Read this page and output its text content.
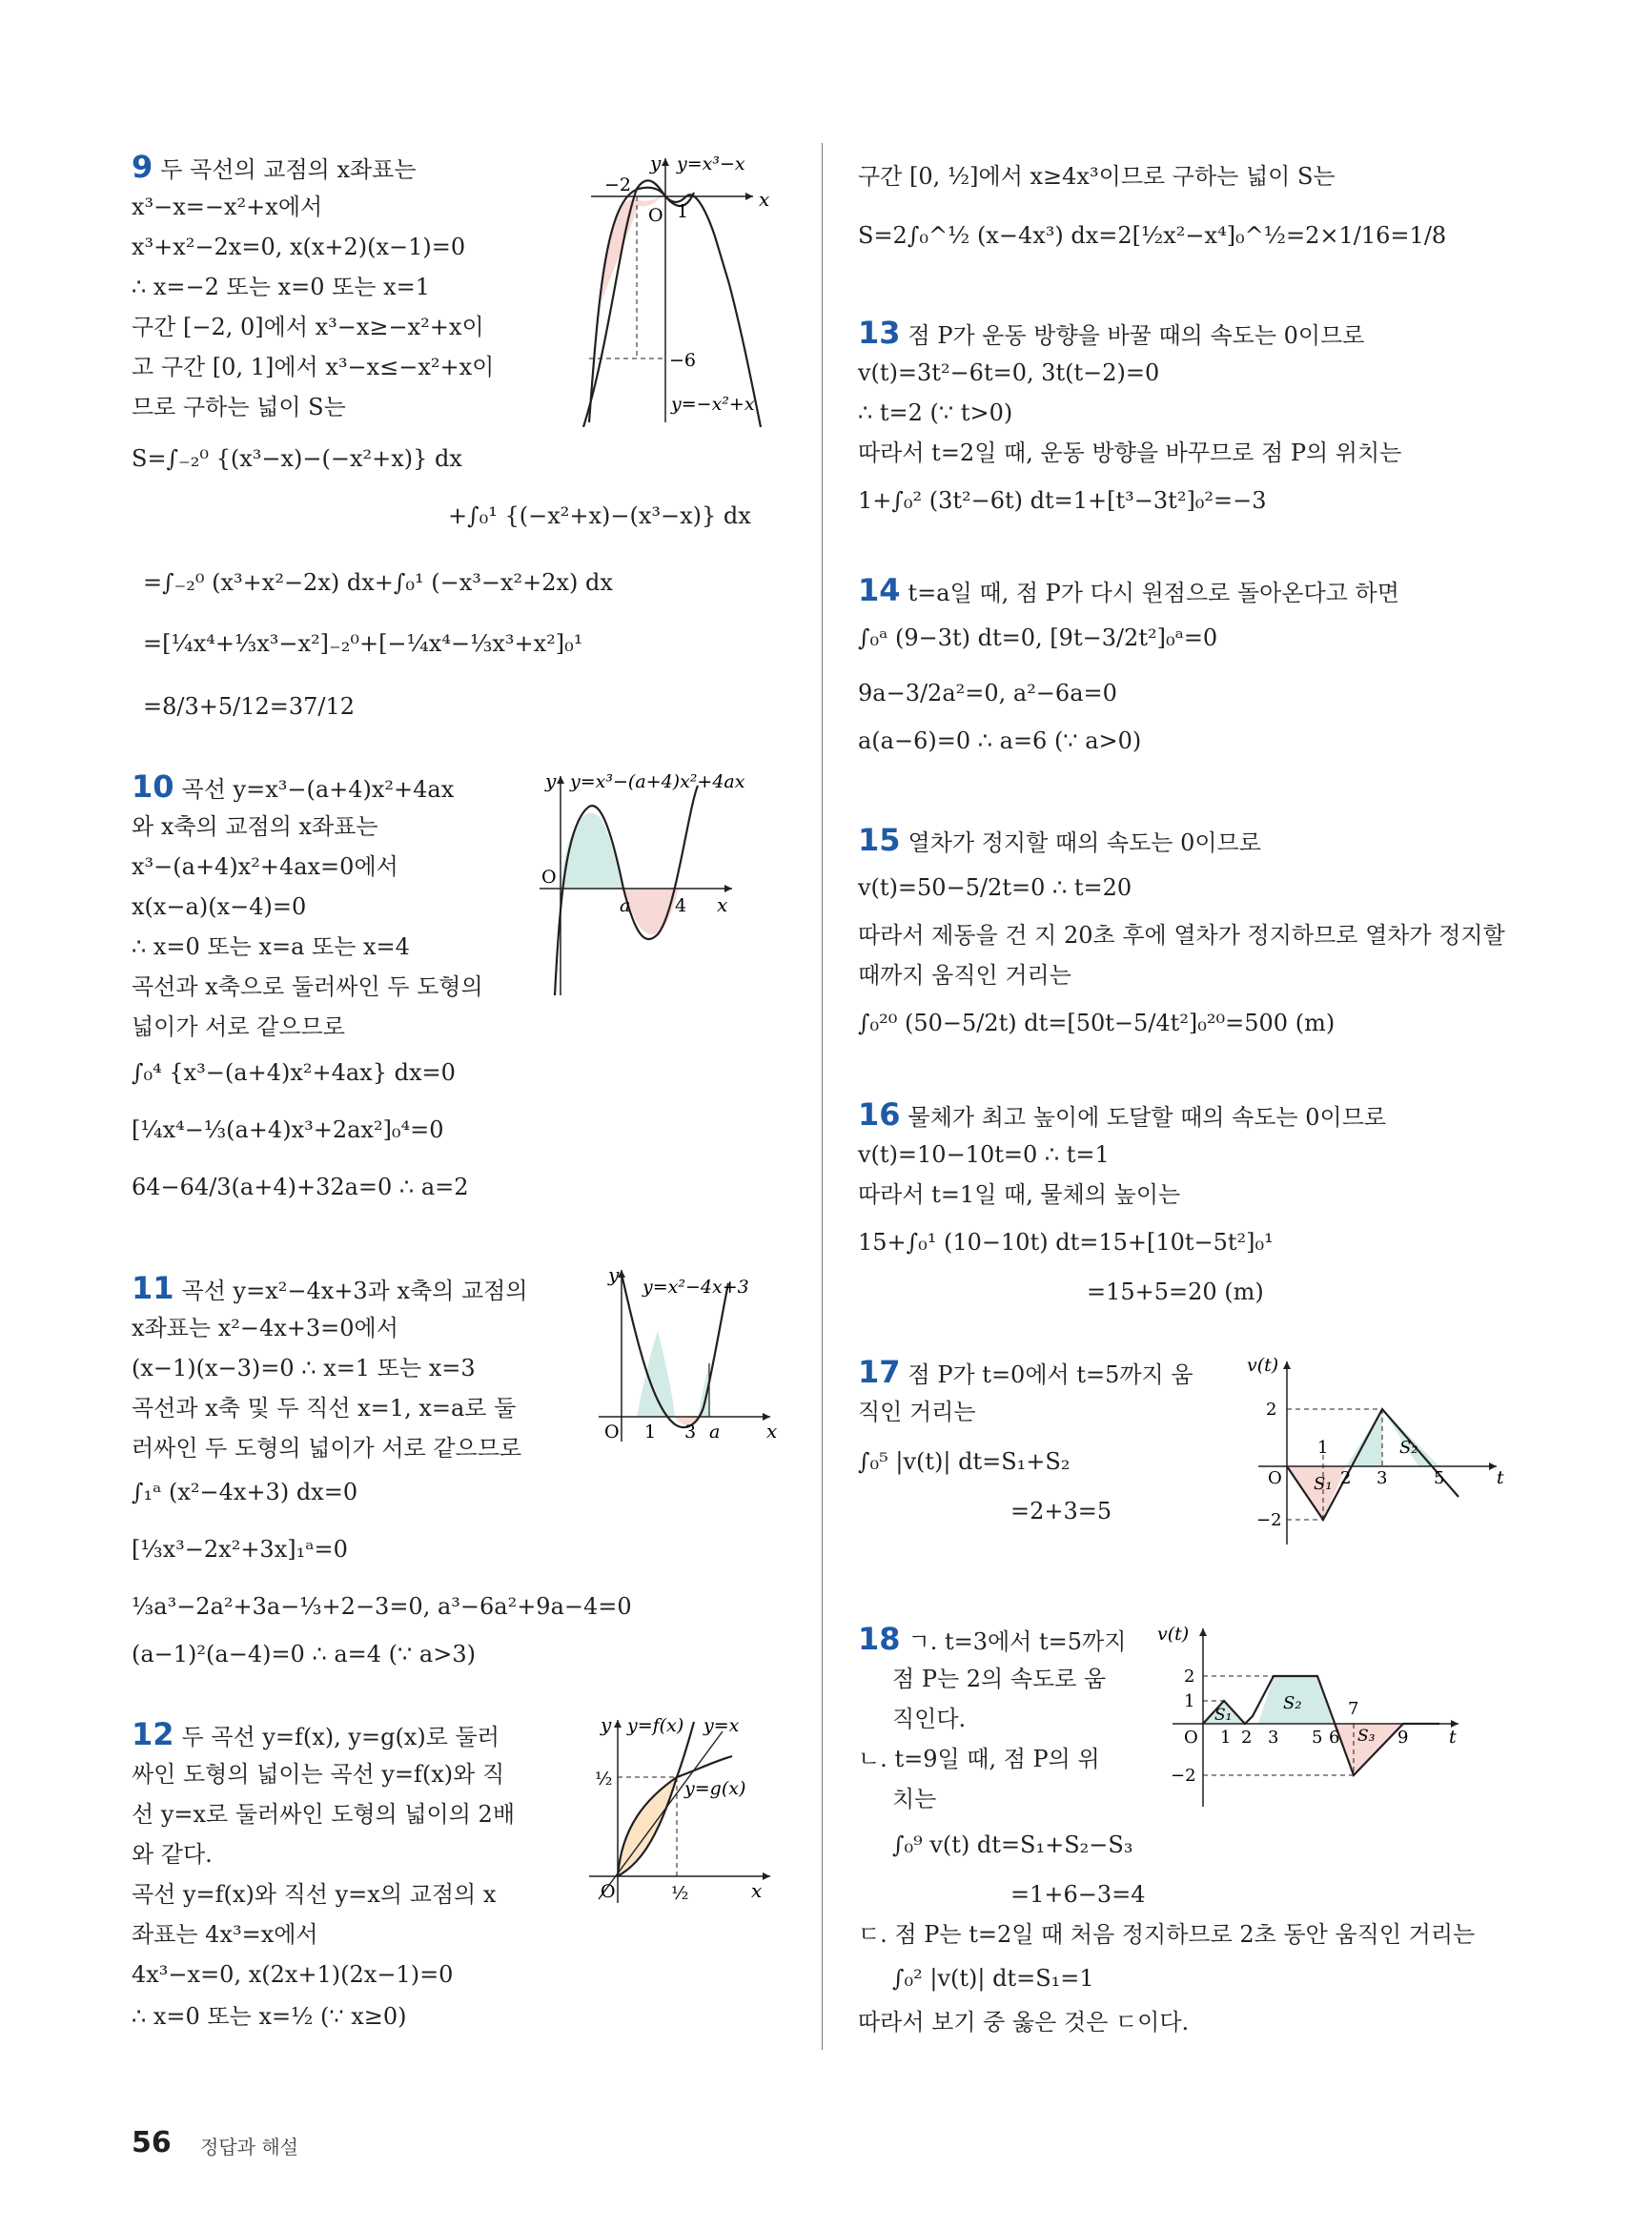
9 두 곡선의 교점의 x좌표는
x³−x=−x²+x에서
x³+x²−2x=0, x(x+2)(x−1)=0
∴ x=−2 또는 x=0 또는 x=1
구간 [−2, 0]에서 x³−x≥−x²+x이
고 구간 [0, 1]에서 x³−x≤−x²+x이
므로 구하는 넓이 S는
S=∫₋₂⁰ {(x³−x)−(−x²+x)} dx
+∫₀¹ {(−x²+x)−(x³−x)} dx
=∫₋₂⁰ (x³+x²−2x) dx+∫₀¹ (−x³−x²+2x) dx
=[¼x⁴+⅓x³−x²]₋₂⁰+[−¼x⁴−⅓x³+x²]₀¹
=8/3+5/12=37/12
y y=x³−x
−2
1
O
x
−6
y=−x²+x
10 곡선 y=x³−(a+4)x²+4ax
와 x축의 교점의 x좌표는
x³−(a+4)x²+4ax=0에서
x(x−a)(x−4)=0
∴ x=0 또는 x=a 또는 x=4
곡선과 x축으로 둘러싸인 두 도형의
넓이가 서로 같으므로
∫₀⁴ {x³−(a+4)x²+4ax} dx=0
[¼x⁴−⅓(a+4)x³+2ax²]₀⁴=0
64−64/3(a+4)+32a=0 ∴ a=2
y y=x³−(a+4)x²+4ax
O
a 4 x
11 곡선 y=x²−4x+3과 x축의 교점의
x좌표는 x²−4x+3=0에서
(x−1)(x−3)=0 ∴ x=1 또는 x=3
곡선과 x축 및 두 직선 x=1, x=a로 둘
러싸인 두 도형의 넓이가 서로 같으므로
∫₁ᵃ (x²−4x+3) dx=0
[⅓x³−2x²+3x]₁ᵃ=0
⅓a³−2a²+3a−⅓+2−3=0, a³−6a²+9a−4=0
(a−1)²(a−4)=0 ∴ a=4 (∵ a>3)
y
y=x²−4x+3
O 1 3 a x
12 두 곡선 y=f(x), y=g(x)로 둘러
싸인 도형의 넓이는 곡선 y=f(x)와 직
선 y=x로 둘러싸인 도형의 넓이의 2배
와 같다.
곡선 y=f(x)와 직선 y=x의 교점의 x
좌표는 4x³=x에서
4x³−x=0, x(2x+1)(2x−1)=0
∴ x=0 또는 x=½ (∵ x≥0)
y y=f(x) y=x
½	y=g(x)
O	½	x
구간 [0, ½]에서 x≥4x³이므로 구하는 넓이 S는
S=2∫₀^½ (x−4x³) dx=2[½x²−x⁴]₀^½=2×1/16=1/8
13 점 P가 운동 방향을 바꿀 때의 속도는 0이므로
v(t)=3t²−6t=0, 3t(t−2)=0
∴ t=2 (∵ t>0)
따라서 t=2일 때, 운동 방향을 바꾸므로 점 P의 위치는
1+∫₀² (3t²−6t) dt=1+[t³−3t²]₀²=−3
14 t=a일 때, 점 P가 다시 원점으로 돌아온다고 하면
∫₀ᵃ (9−3t) dt=0, [9t−3/2t²]₀ᵃ=0
9a−3/2a²=0, a²−6a=0
a(a−6)=0 ∴ a=6 (∵ a>0)
15 열차가 정지할 때의 속도는 0이므로
v(t)=50−5/2t=0 ∴ t=20
따라서 제동을 건 지 20초 후에 열차가 정지하므로 열차가 정지할
때까지 움직인 거리는
∫₀²⁰ (50−5/2t) dt=[50t−5/4t²]₀²⁰=500 (m)
16 물체가 최고 높이에 도달할 때의 속도는 0이므로
v(t)=10−10t=0 ∴ t=1
따라서 t=1일 때, 물체의 높이는
15+∫₀¹ (10−10t) dt=15+[10t−5t²]₀¹
=15+5=20 (m)
17 점 P가 t=0에서 t=5까지 움
직인 거리는
∫₀⁵ |v(t)| dt=S₁+S₂
=2+3=5
v(t)
2
1
O S₁ 2 3	5	t
−2
S₂
18 ㄱ. t=3에서 t=5까지
점 P는 2의 속도로 움
직인다.
ㄴ. t=9일 때, 점 P의 위
치는
∫₀⁹ v(t) dt=S₁+S₂−S₃
=1+6−3=4
ㄷ. 점 P는 t=2일 때 처음 정지하므로 2초 동안 움직인 거리는
∫₀² |v(t)| dt=S₁=1
따라서 보기 중 옳은 것은 ㄷ이다.
v(t)
2
1
O 1 2 3 5 6
7
9 t
−2
S₁
S₂
S₃
56 정답과 해설
